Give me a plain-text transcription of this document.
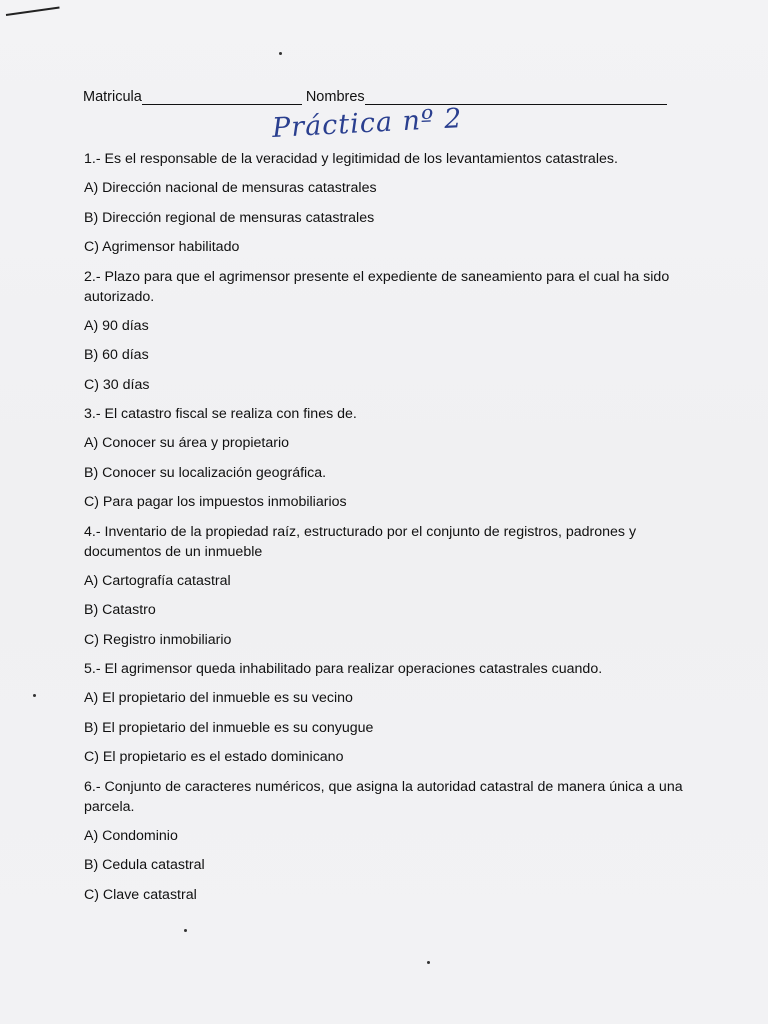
Matricula	Nombres
Práctica nº 2
1.- Es el responsable de la veracidad y legitimidad de los levantamientos catastrales.
A) Dirección nacional de mensuras catastrales
B) Dirección regional de mensuras catastrales
C) Agrimensor habilitado
2.- Plazo para que el agrimensor presente el expediente de saneamiento para el cual ha sido autorizado.
A) 90 días
B) 60 días
C) 30 días
3.- El catastro fiscal se realiza con fines de.
A) Conocer su área y propietario
B) Conocer su localización geográfica.
C) Para pagar los impuestos inmobiliarios
4.- Inventario de la propiedad raíz, estructurado por el conjunto de registros, padrones y documentos de un inmueble
A) Cartografía catastral
B) Catastro
C) Registro inmobiliario
5.- El agrimensor queda inhabilitado para realizar operaciones catastrales cuando.
A) El propietario del inmueble es su vecino
B) El propietario del inmueble es su conyugue
C) El propietario es el estado dominicano
6.- Conjunto de caracteres numéricos, que asigna la autoridad catastral de manera única a una parcela.
A) Condominio
B) Cedula catastral
C) Clave catastral
